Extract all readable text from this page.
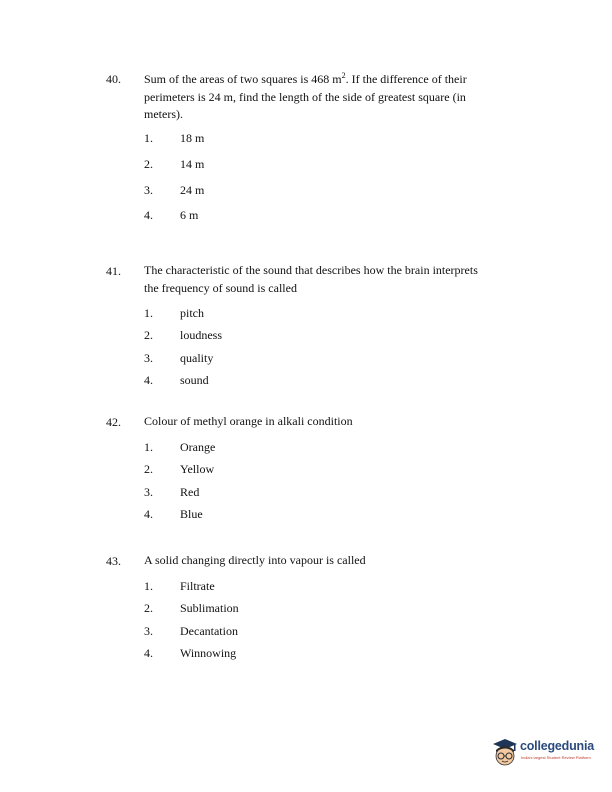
40. Sum of the areas of two squares is 468 $m^2$. If the difference of their perimeters is 24 m, find the length of the side of greatest square (in meters).
1. 18 m
2. 14 m
3. 24 m
4. 6 m
41. The characteristic of the sound that describes how the brain interprets the frequency of sound is called
1. pitch
2. loudness
3. quality
4. sound
42. Colour of methyl orange in alkali condition
1. Orange
2. Yellow
3. Red
4. Blue
43. A solid changing directly into vapour is called
1. Filtrate
2. Sublimation
3. Decantation
4. Winnowing
collegedunia
India's largest Student Review Platform
